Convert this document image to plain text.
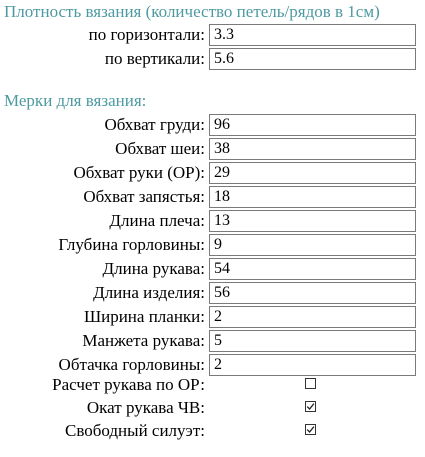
Плотность вязания (количество петель/рядов в 1см)
по горизонтали:
3.3
по вертикали:
5.6
Мерки для вязания:
Обхват груди:
96
Обхват шеи:
38
Обхват руки (ОР):
29
Обхват запястья:
18
Длина плеча:
13
Глубина горловины:
9
Длина рукава:
54
Длина изделия:
56
Ширина планки:
2
Манжета рукава:
5
Обтачка горловины:
2
Расчет рукава по ОР:
Окат рукава ЧВ:
Свободный силуэт:
